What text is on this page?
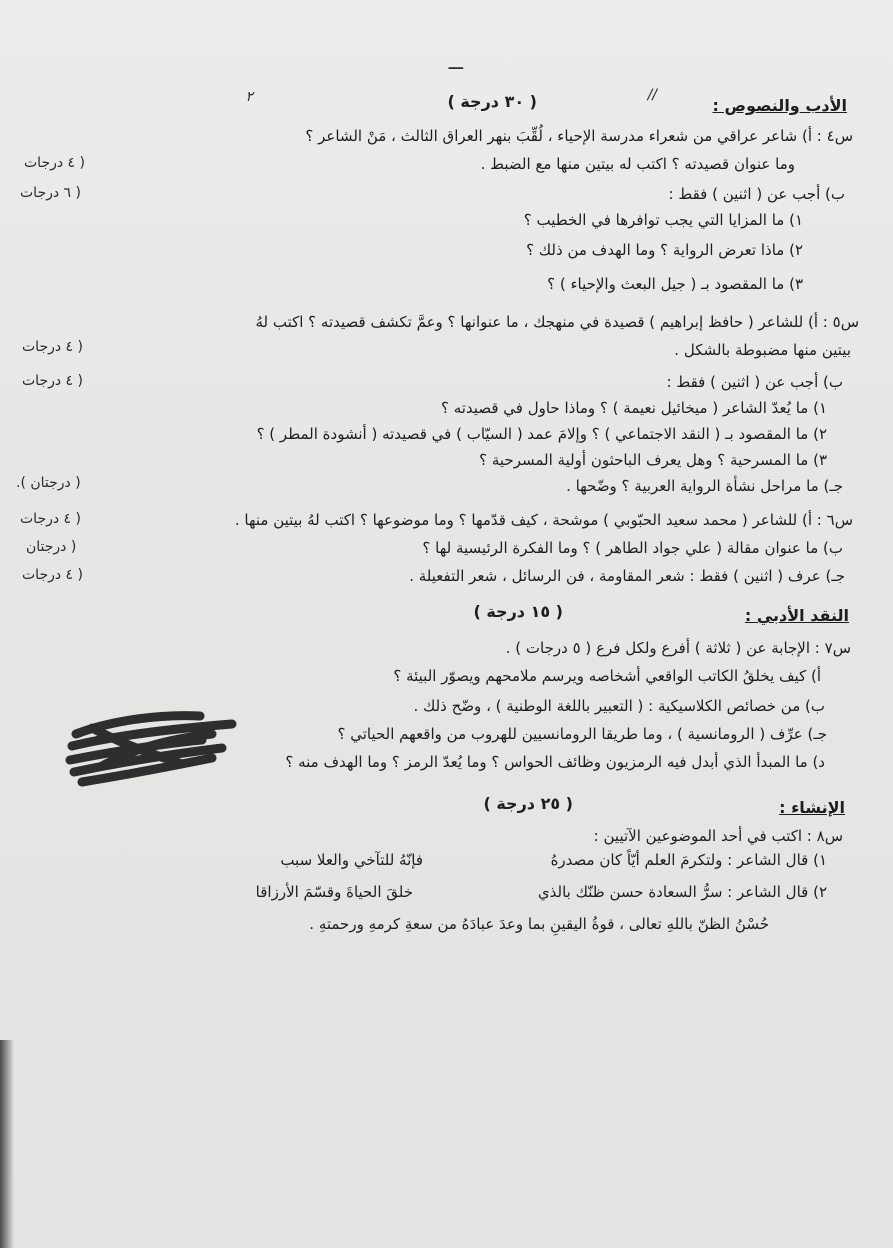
ـــ
٢	//
الأدب والنصوص :
( ٣٠ درجة )
س٤ : أ) شاعر عراقي من شعراء مدرسة الإحياء ، لُقِّبَ بنهر العراق الثالث ، مَنْ الشاعر ؟
وما عنوان قصيدته ؟ اكتب له بيتين منها مع الضبط .
( ٤ درجات
ب) أجب عن ( اثنين ) فقط :
( ٦ درجات
١) ما المزايا التي يجب توافرها في الخطيب ؟
٢) ماذا تعرض الرواية ؟ وما الهدف من ذلك ؟
٣) ما المقصود بـ ( جيل البعث والإحياء ) ؟
س٥ : أ) للشاعر ( حافظ إبراهيم ) قصيدة في منهجك ، ما عنوانها ؟ وعمَّ تكشف قصيدته ؟ اكتب لهُ
بيتين منها مضبوطة بالشكل .
( ٤ درجات
ب) أجب عن ( اثنين ) فقط :
( ٤ درجات
١) ما يُعدّ الشاعر ( ميخائيل نعيمة ) ؟ وماذا حاول في قصيدته ؟
٢) ما المقصود بـ ( النقد الاجتماعي ) ؟ وإلامَ عمد ( السيّاب ) في قصيدته ( أنشودة المطر ) ؟
٣) ما المسرحية ؟ وهل يعرف الباحثون أولية المسرحية ؟
جـ) ما مراحل نشأة الرواية العربية ؟ وضّحها .
( درجتان ).
س٦ : أ) للشاعر ( محمد سعيد الحبّوبي ) موشحة ، كيف قدّمها ؟ وما موضوعها ؟ اكتب لهُ بيتين منها .
( ٤ درجات
ب) ما عنوان مقالة ( علي جواد الطاهر ) ؟ وما الفكرة الرئيسية لها ؟
( درجتان
جـ) عرف ( اثنين ) فقط : شعر المقاومة ، فن الرسائل ، شعر التفعيلة .
( ٤ درجات
النقد الأدبي :
( ١٥ درجة )
س٧ : الإجابة عن ( ثلاثة ) أفرع ولكل فرع ( ٥ درجات ) .
أ) كيف يخلقُ الكاتب الواقعي أشخاصه ويرسم ملامحهم ويصوّر البيئة ؟
ب) من خصائص الكلاسيكية : ( التعبير باللغة الوطنية ) ، وضّح ذلك .
جـ) عرِّف ( الرومانسية ) ، وما طريقا الرومانسيين للهروب من واقعهم الحياتي ؟
د) ما المبدأ الذي أبدل فيه الرمزيون وظائف الحواس ؟ وما يُعدّ الرمز ؟ وما الهدف منه ؟
الإنشاء :
( ٢٥ درجة )
س٨ : اكتب في أحد الموضوعين الآتيين :
١) قال الشاعر : ولتكرمَ العلم أيّاً كان مصدرهُ
فإنّهُ للتآخي والعلا سبب
٢) قال الشاعر : سرُّ السعادة حسن ظنّك بالذي
خلقَ الحياةَ وقسّمَ الأرزاقا
حُسْنُ الظنّ باللهِ تعالى ، قوةُ اليقينِ بما وعدَ عبادَهُ من سعةِ كرمهِ ورحمتهِ .
